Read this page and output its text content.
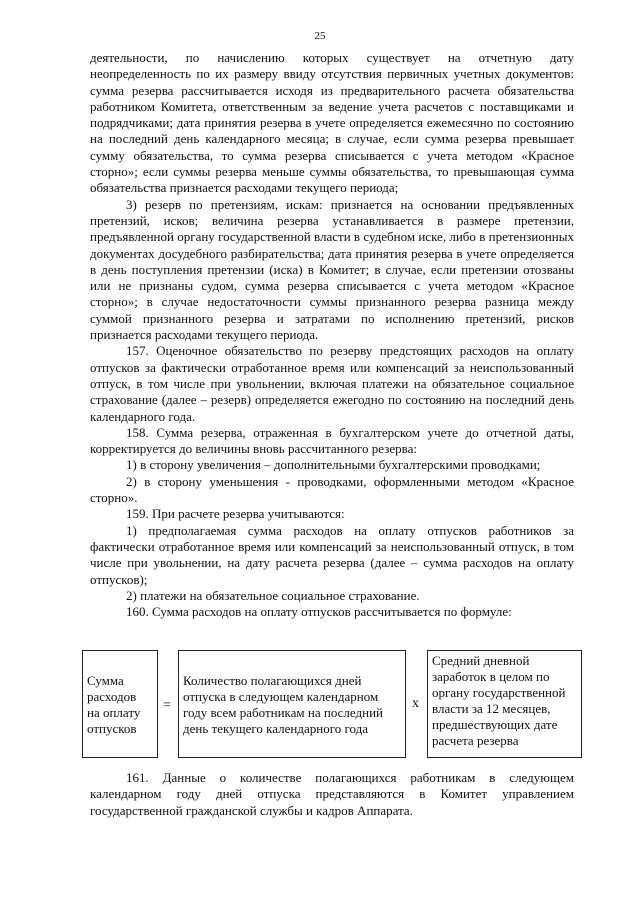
25

деятельности, по начислению которых существует на отчетную дату неопределенность по их размеру ввиду отсутствия первичных учетных документов: сумма резерва рассчитывается исходя из предварительного расчета обязательства работником Комитета, ответственным за ведение учета расчетов с поставщиками и подрядчиками; дата принятия резерва в учете определяется ежемесячно по состоянию на последний день календарного месяца; в случае, если сумма резерва превышает сумму обязательства, то сумма резерва списывается с учета методом «Красное сторно»; если суммы резерва меньше суммы обязательства, то превышающая сумма обязательства признается расходами текущего периода;

3) резерв по претензиям, искам: признается на основании предъявленных претензий, исков; величина резерва устанавливается в размере претензии, предъявленной органу государственной власти в судебном иске, либо в претензионных документах досудебного разбирательства; дата принятия резерва в учете определяется в день поступления претензии (иска) в Комитет; в случае, если претензии отозваны или не признаны судом, сумма резерва списывается с учета методом «Красное сторно»; в случае недостаточности суммы признанного резерва разница между суммой признанного резерва и затратами по исполнению претензий, рисков признается расходами текущего периода.

157. Оценочное обязательство по резерву предстоящих расходов на оплату отпусков за фактически отработанное время или компенсаций за неиспользованный отпуск, в том числе при увольнении, включая платежи на обязательное социальное страхование (далее – резерв) определяется ежегодно по состоянию на последний день календарного года.

158. Сумма резерва, отраженная в бухгалтерском учете до отчетной даты, корректируется до величины вновь рассчитанного резерва:

1) в сторону увеличения – дополнительными бухгалтерскими проводками;

2) в сторону уменьшения - проводками, оформленными методом «Красное сторно».

159. При расчете резерва учитываются:

1) предполагаемая сумма расходов на оплату отпусков работников за фактически отработанное время или компенсаций за неиспользованный отпуск, в том числе при увольнении, на дату расчета резерва (далее – сумма расходов на оплату отпусков);

2) платежи на обязательное социальное страхование.

160. Сумма расходов на оплату отпусков рассчитывается по формуле:

Сумма
расходов
на оплату
отпусков
=
Количество полагающихся дней
отпуска в следующем календарном
году всем работникам на последний
день текущего календарного года
x
Средний дневной
заработок в целом по
органу государственной
власти за 12 месяцев,
предшествующих дате
расчета резерва
161. Данные о количестве полагающихся работникам в следующем календарном году дней отпуска представляются в Комитет управлением государственной гражданской службы и кадров Аппарата.
